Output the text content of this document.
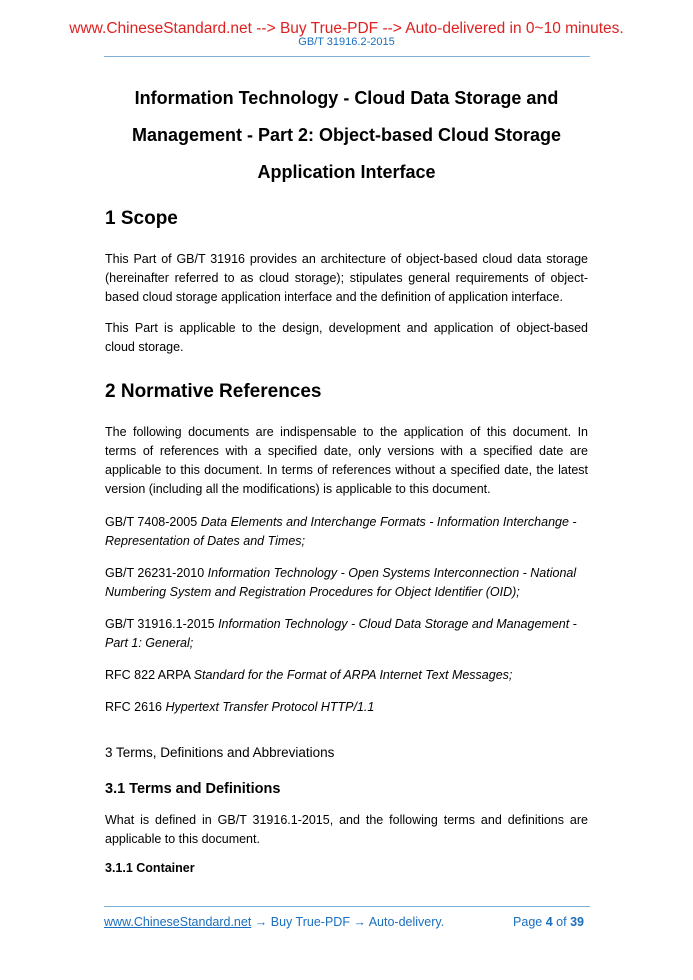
www.ChineseStandard.net --> Buy True-PDF --> Auto-delivered in 0~10 minutes.
GB/T 31916.2-2015
Information Technology - Cloud Data Storage and
Management - Part 2: Object-based Cloud Storage
Application Interface
1 Scope

This Part of GB/T 31916 provides an architecture of object-based cloud data storage (hereinafter referred to as cloud storage); stipulates general requirements of object-based cloud storage application interface and the definition of application interface.

This Part is applicable to the design, development and application of object-based cloud storage.

2 Normative References

The following documents are indispensable to the application of this document. In terms of references with a specified date, only versions with a specified date are applicable to this document. In terms of references without a specified date, the latest version (including all the modifications) is applicable to this document.

GB/T 7408-2005 Data Elements and Interchange Formats - Information Interchange - Representation of Dates and Times;
GB/T 26231-2010 Information Technology - Open Systems Interconnection - National Numbering System and Registration Procedures for Object Identifier (OID);
GB/T 31916.1-2015 Information Technology - Cloud Data Storage and Management - Part 1: General;
RFC 822 ARPA Standard for the Format of ARPA Internet Text Messages;
RFC 2616 Hypertext Transfer Protocol HTTP/1.1
3 Terms, Definitions and Abbreviations
3.1 Terms and Definitions

What is defined in GB/T 31916.1-2015, and the following terms and definitions are applicable to this document.

3.1.1 Container
www.ChineseStandard.net → Buy True-PDF → Auto-delivery.	Page 4 of 39
